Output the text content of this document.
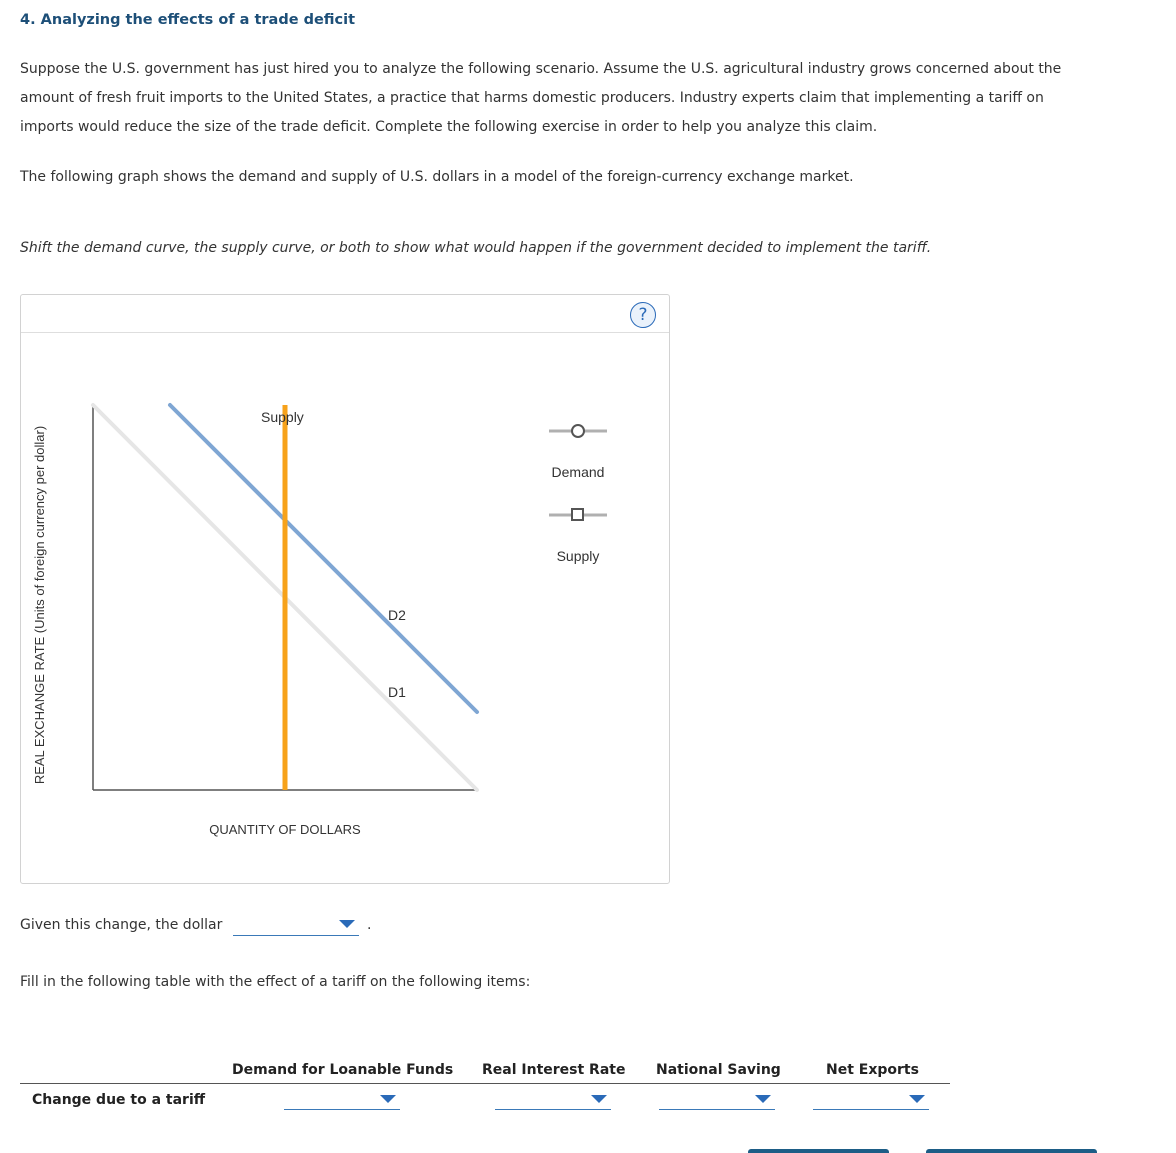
4. Analyzing the effects of a trade deficit
Suppose the U.S. government has just hired you to analyze the following scenario. Assume the U.S. agricultural industry grows concerned about the
amount of fresh fruit imports to the United States, a practice that harms domestic producers. Industry experts claim that implementing a tariff on
imports would reduce the size of the trade deficit. Complete the following exercise in order to help you analyze this claim.
The following graph shows the demand and supply of U.S. dollars in a model of the foreign-currency exchange market.
Shift the demand curve, the supply curve, or both to show what would happen if the government decided to implement the tariff.
?
REAL EXCHANGE RATE (Units of foreign currency per dollar)
Supply
D2
D1
QUANTITY OF DOLLARS
Demand
Supply
Given this change, the dollar	.
Fill in the following table with the effect of a tariff on the following items:
Demand for Loanable Funds Real Interest Rate National Saving	Net Exports
Change due to a tariff
